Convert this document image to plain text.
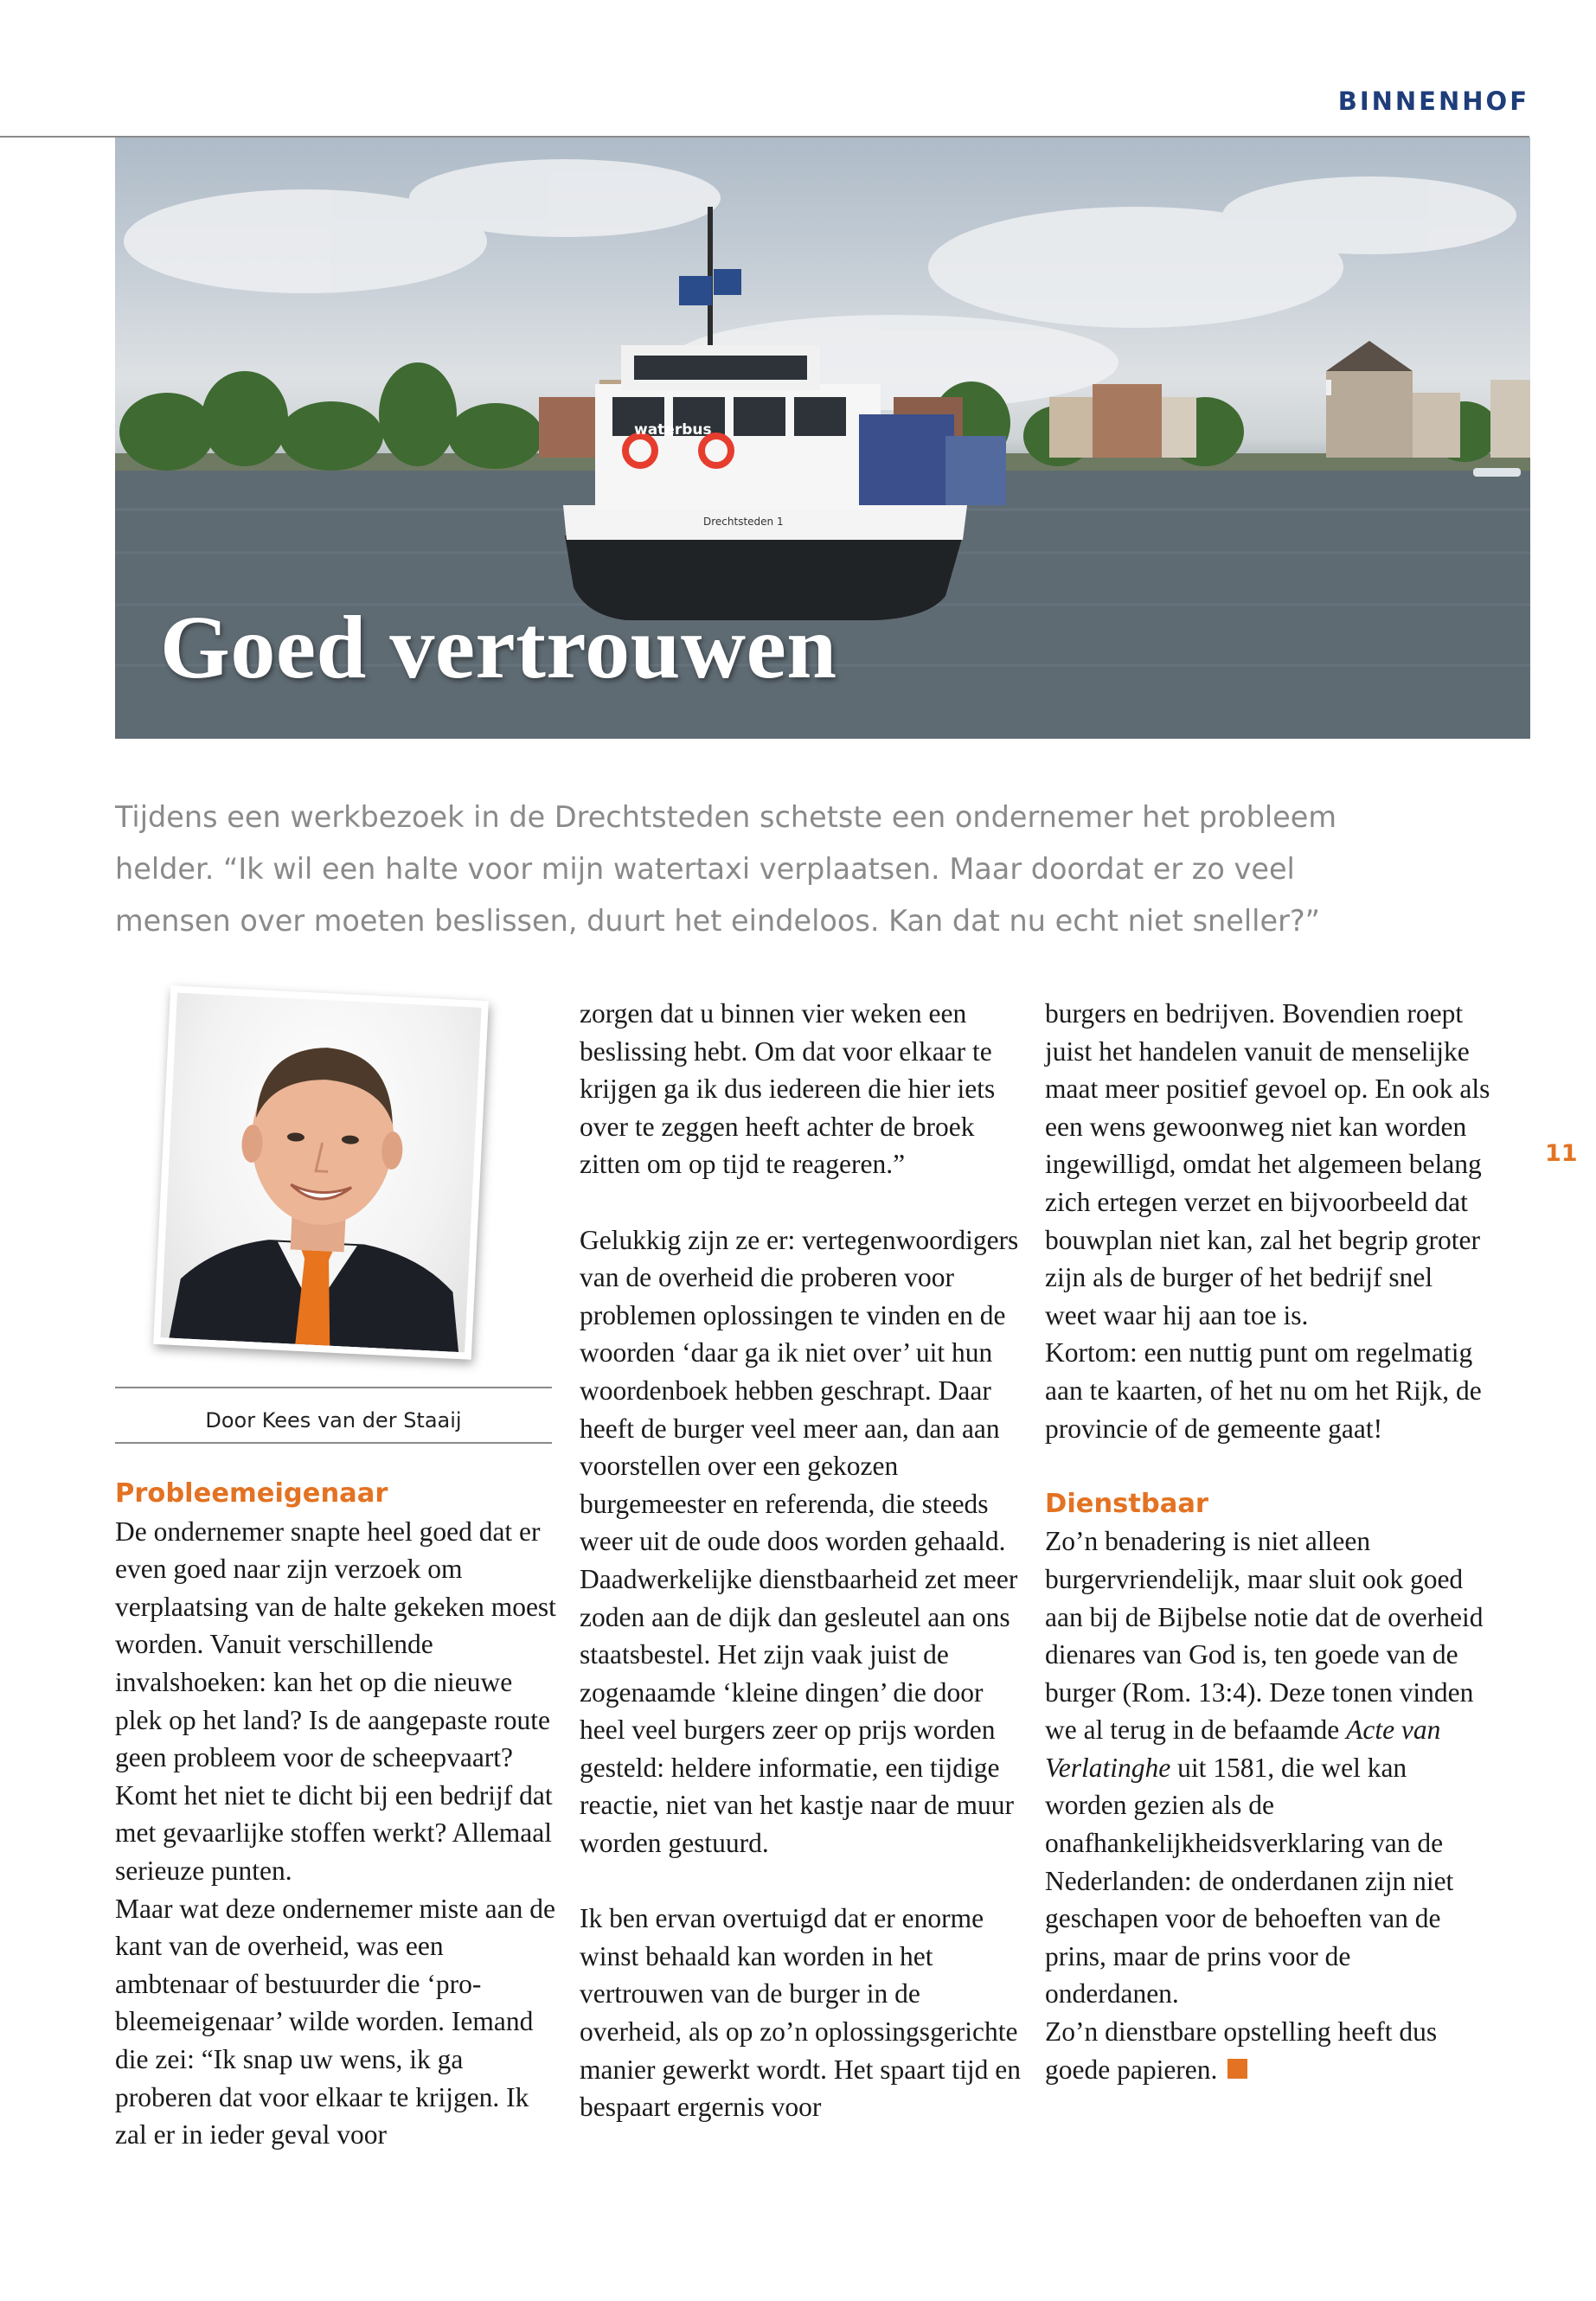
BINNENHOF
waterbus
Drechtsteden 1
Goed vertrouwen
Tijdens een werkbezoek in de Drechtsteden schetste een ondernemer het probleem helder. “Ik wil een halte voor mijn watertaxi verplaatsen. Maar doordat er zo veel mensen over moeten beslissen, duurt het eindeloos. Kan dat nu echt niet sneller?”
11
Door Kees van der Staaij
Probleemeigenaar

De ondernemer snapte heel goed dat er even goed naar zijn verzoek om verplaatsing van de halte gekeken moest worden. Vanuit verschillende invalshoeken: kan het op die nieuwe plek op het land? Is de aangepaste route geen probleem voor de scheepvaart? Komt het niet te dicht bij een bedrijf dat met gevaarlijke stoffen werkt? Allemaal serieuze punten.

Maar wat deze ondernemer miste aan de kant van de overheid, was een ambtenaar of bestuurder die ‘probleemeigenaar’ wilde worden. Iemand die zei: “Ik snap uw wens, ik ga proberen dat voor elkaar te krijgen. Ik zal er in ieder geval voor

zorgen dat u binnen vier weken een beslissing hebt. Om dat voor elkaar te krijgen ga ik dus iedereen die hier iets over te zeggen heeft achter de broek zitten om op tijd te reageren.”

Gelukkig zijn ze er: vertegenwoordigers van de overheid die proberen voor problemen oplossingen te vinden en de woorden ‘daar ga ik niet over’ uit hun woordenboek hebben geschrapt. Daar heeft de burger veel meer aan, dan aan voorstellen over een gekozen burgemeester en referenda, die steeds weer uit de oude doos worden gehaald. Daadwerkelijke dienstbaarheid zet meer zoden aan de dijk dan gesleutel aan ons staatsbestel. Het zijn vaak juist de zogenaamde ‘kleine dingen’ die door heel veel burgers zeer op prijs worden gesteld: heldere informatie, een tijdige reactie, niet van het kastje naar de muur worden gestuurd.

Ik ben ervan overtuigd dat er enorme winst behaald kan worden in het vertrouwen van de burger in de overheid, als op zo’n oplossingsgerichte manier gewerkt wordt. Het spaart tijd en bespaart ergernis voor

burgers en bedrijven. Bovendien roept juist het handelen vanuit de menselijke maat meer positief gevoel op. En ook als een wens gewoonweg niet kan worden ingewilligd, omdat het algemeen belang zich ertegen verzet en bijvoorbeeld dat bouwplan niet kan, zal het begrip groter zijn als de burger of het bedrijf snel weet waar hij aan toe is.

Kortom: een nuttig punt om regelmatig aan te kaarten, of het nu om het Rijk, de provincie of de gemeente gaat!

Dienstbaar

Zo’n benadering is niet alleen burgervriendelijk, maar sluit ook goed aan bij de Bijbelse notie dat de overheid dienares van God is, ten goede van de burger (Rom. 13:4). Deze tonen vinden we al terug in de befaamde Acte van Verlatinghe uit 1581, die wel kan worden gezien als de onafhankelijkheidsverklaring van de Nederlanden: de onderdanen zijn niet geschapen voor de behoeften van de prins, maar de prins voor de onderdanen.

Zo’n dienstbare opstelling heeft dus goede papieren.
